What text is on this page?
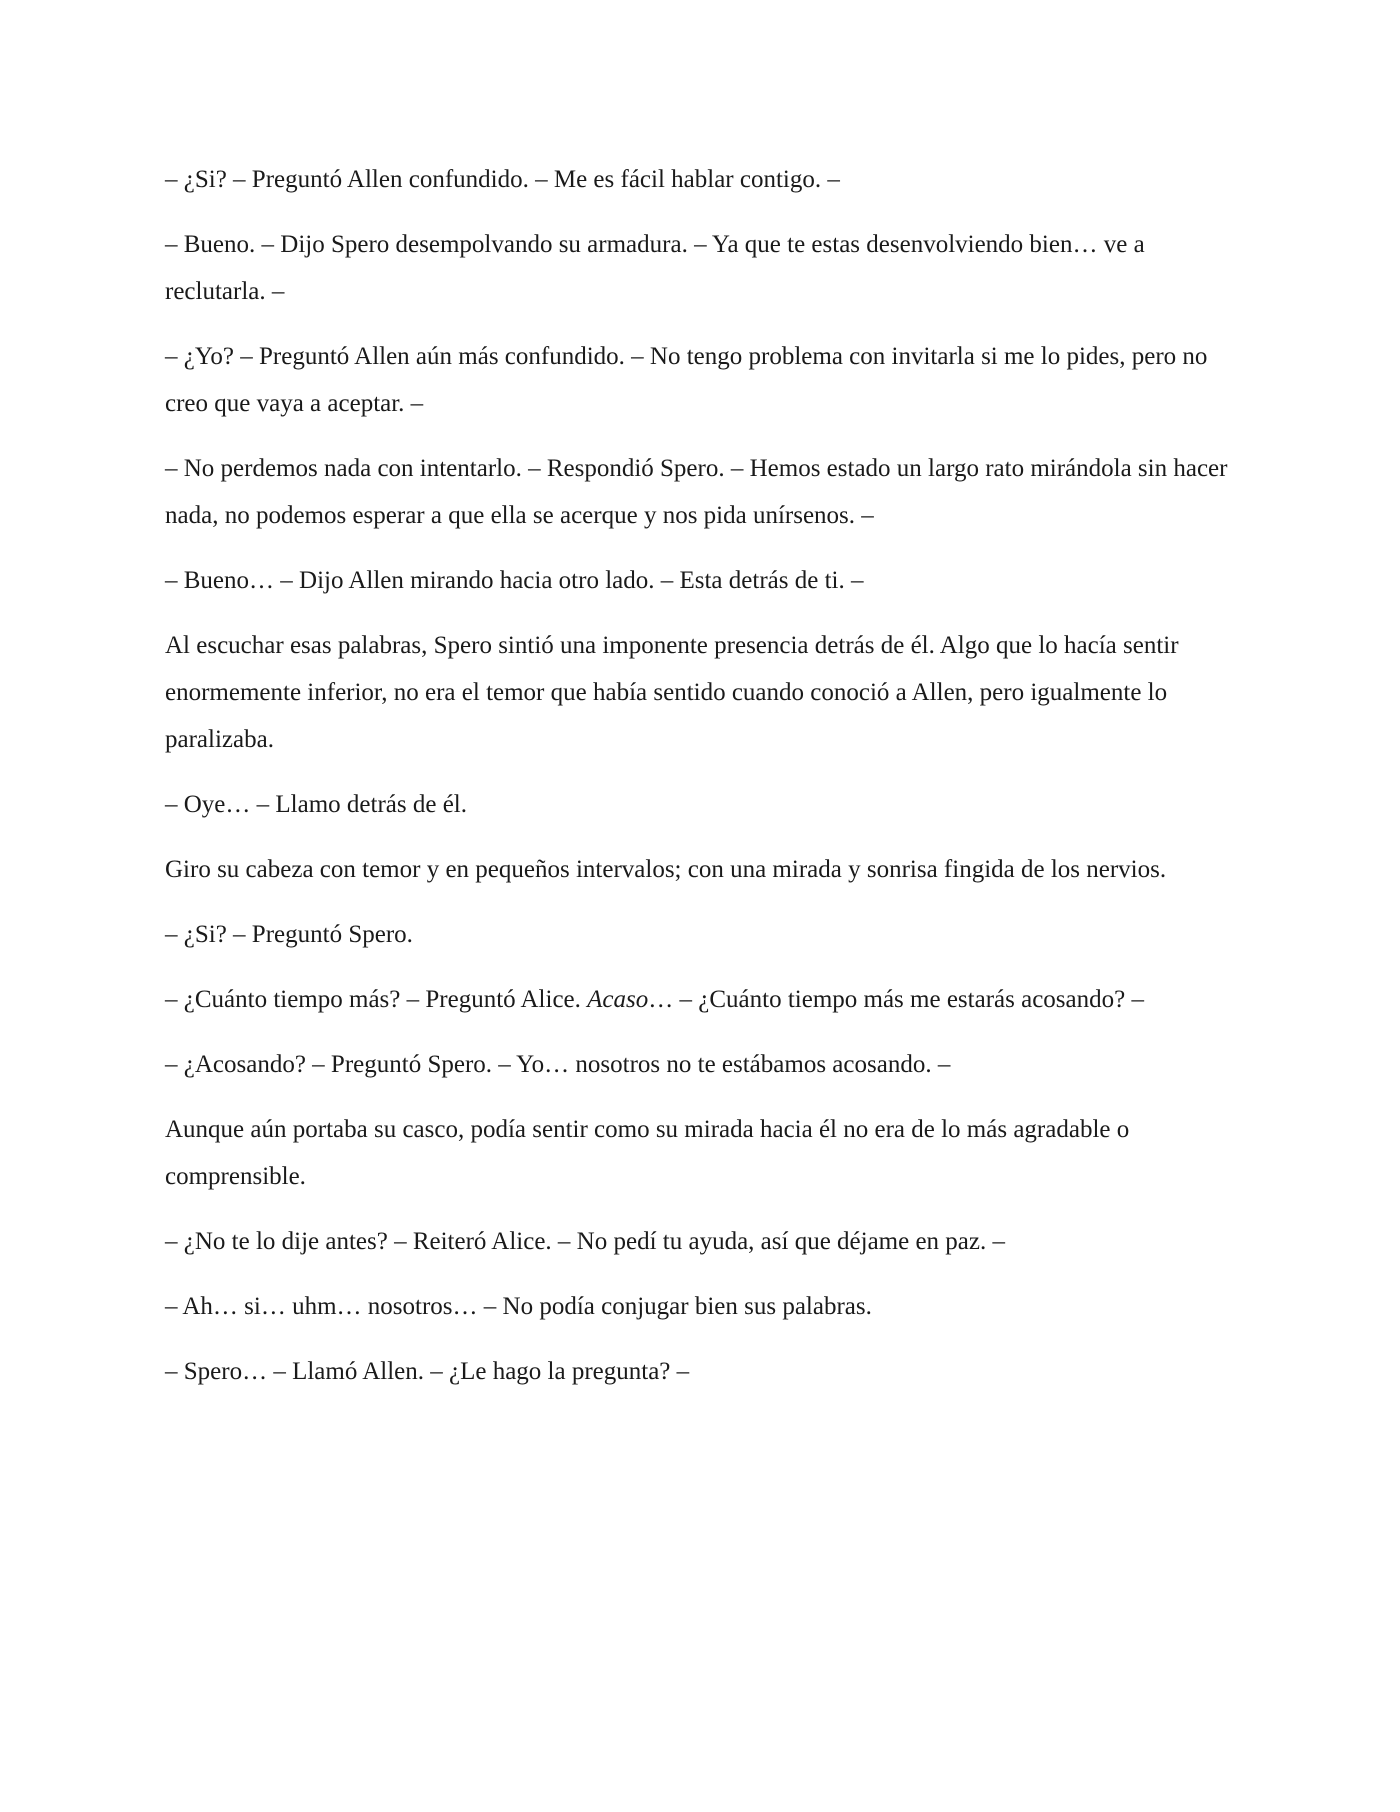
– ¿Si? – Preguntó Allen confundido. – Me es fácil hablar contigo. –

– Bueno. – Dijo Spero desempolvando su armadura. – Ya que te estas desenvolviendo bien… ve a reclutarla. –

– ¿Yo? – Preguntó Allen aún más confundido. – No tengo problema con invitarla si me lo pides, pero no creo que vaya a aceptar. –

– No perdemos nada con intentarlo. – Respondió Spero. – Hemos estado un largo rato mirándola sin hacer nada, no podemos esperar a que ella se acerque y nos pida unírsenos. –

– Bueno… – Dijo Allen mirando hacia otro lado. – Esta detrás de ti. –

Al escuchar esas palabras, Spero sintió una imponente presencia detrás de él. Algo que lo hacía sentir enormemente inferior, no era el temor que había sentido cuando conoció a Allen, pero igualmente lo paralizaba.

– Oye… – Llamo detrás de él.

Giro su cabeza con temor y en pequeños intervalos; con una mirada y sonrisa fingida de los nervios.

– ¿Si? – Preguntó Spero.

– ¿Cuánto tiempo más? – Preguntó Alice. Acaso… – ¿Cuánto tiempo más me estarás acosando? –

– ¿Acosando? – Preguntó Spero. – Yo… nosotros no te estábamos acosando. –

Aunque aún portaba su casco, podía sentir como su mirada hacia él no era de lo más agradable o comprensible.

– ¿No te lo dije antes? – Reiteró Alice. – No pedí tu ayuda, así que déjame en paz. –

– Ah… si… uhm… nosotros… – No podía conjugar bien sus palabras.

– Spero… – Llamó Allen. – ¿Le hago la pregunta? –
